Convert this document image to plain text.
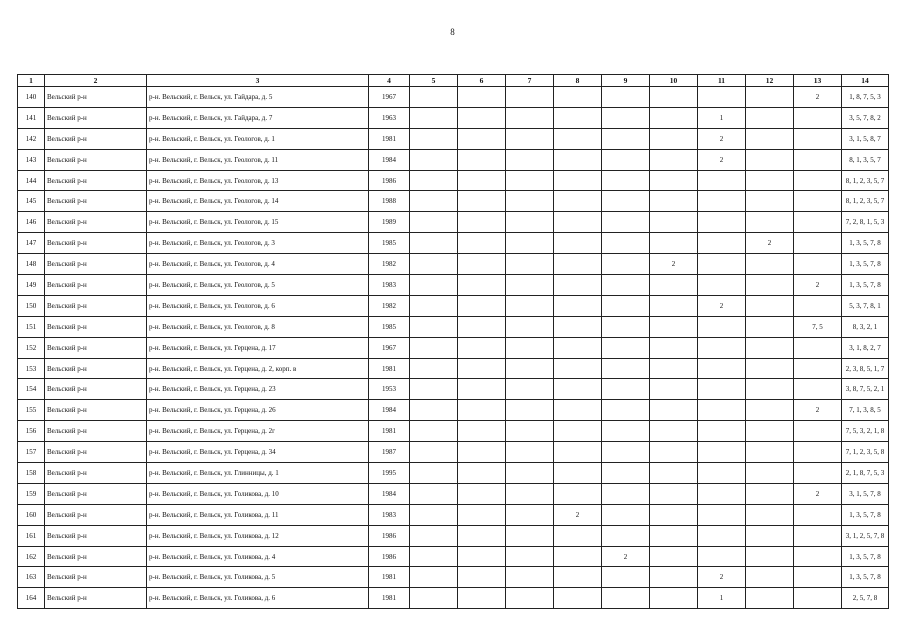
8
1	2	3	4	5	6	7	8	9	10	11	12	13	14
140	Вельский р-н	р-н. Вельский, г. Вельск, ул. Гайдара, д. 5	1967									2	1, 8, 7, 5, 3
141	Вельский р-н	р-н. Вельский, г. Вельск, ул. Гайдара, д. 7	1963							1			3, 5, 7, 8, 2
142	Вельский р-н	р-н. Вельский, г. Вельск, ул. Геологов, д. 1	1981							2			3, 1, 5, 8, 7
143	Вельский р-н	р-н. Вельский, г. Вельск, ул. Геологов, д. 11	1984							2			8, 1, 3, 5, 7
144	Вельский р-н	р-н. Вельский, г. Вельск, ул. Геологов, д. 13	1986										8, 1, 2, 3, 5, 7
145	Вельский р-н	р-н. Вельский, г. Вельск, ул. Геологов, д. 14	1988										8, 1, 2, 3, 5, 7
146	Вельский р-н	р-н. Вельский, г. Вельск, ул. Геологов, д. 15	1989										7, 2, 8, 1, 5, 3
147	Вельский р-н	р-н. Вельский, г. Вельск, ул. Геологов, д. 3	1985								2		1, 3, 5, 7, 8
148	Вельский р-н	р-н. Вельский, г. Вельск, ул. Геологов, д. 4	1982						2				1, 3, 5, 7, 8
149	Вельский р-н	р-н. Вельский, г. Вельск, ул. Геологов, д. 5	1983									2	1, 3, 5, 7, 8
150	Вельский р-н	р-н. Вельский, г. Вельск, ул. Геологов, д. 6	1982							2			5, 3, 7, 8, 1
151	Вельский р-н	р-н. Вельский, г. Вельск, ул. Геологов, д. 8	1985									7, 5	8, 3, 2, 1
152	Вельский р-н	р-н. Вельский, г. Вельск, ул. Герцена, д. 17	1967										3, 1, 8, 2, 7
153	Вельский р-н	р-н. Вельский, г. Вельск, ул. Герцена, д. 2, корп. в	1981										2, 3, 8, 5, 1, 7
154	Вельский р-н	р-н. Вельский, г. Вельск, ул. Герцена, д. 23	1953										3, 8, 7, 5, 2, 1
155	Вельский р-н	р-н. Вельский, г. Вельск, ул. Герцена, д. 26	1984									2	7, 1, 3, 8, 5
156	Вельский р-н	р-н. Вельский, г. Вельск, ул. Герцена, д. 2г	1981										7, 5, 3, 2, 1, 8
157	Вельский р-н	р-н. Вельский, г. Вельск, ул. Герцена, д. 34	1987										7, 1, 2, 3, 5, 8
158	Вельский р-н	р-н. Вельский, г. Вельск, ул. Глинницы, д. 1	1995										2, 1, 8, 7, 5, 3
159	Вельский р-н	р-н. Вельский, г. Вельск, ул. Голикова, д. 10	1984									2	3, 1, 5, 7, 8
160	Вельский р-н	р-н. Вельский, г. Вельск, ул. Голикова, д. 11	1983				2						1, 3, 5, 7, 8
161	Вельский р-н	р-н. Вельский, г. Вельск, ул. Голикова, д. 12	1986										3, 1, 2, 5, 7, 8
162	Вельский р-н	р-н. Вельский, г. Вельск, ул. Голикова, д. 4	1986					2					1, 3, 5, 7, 8
163	Вельский р-н	р-н. Вельский, г. Вельск, ул. Голикова, д. 5	1981							2			1, 3, 5, 7, 8
164	Вельский р-н	р-н. Вельский, г. Вельск, ул. Голикова, д. 6	1981							1			2, 5, 7, 8
